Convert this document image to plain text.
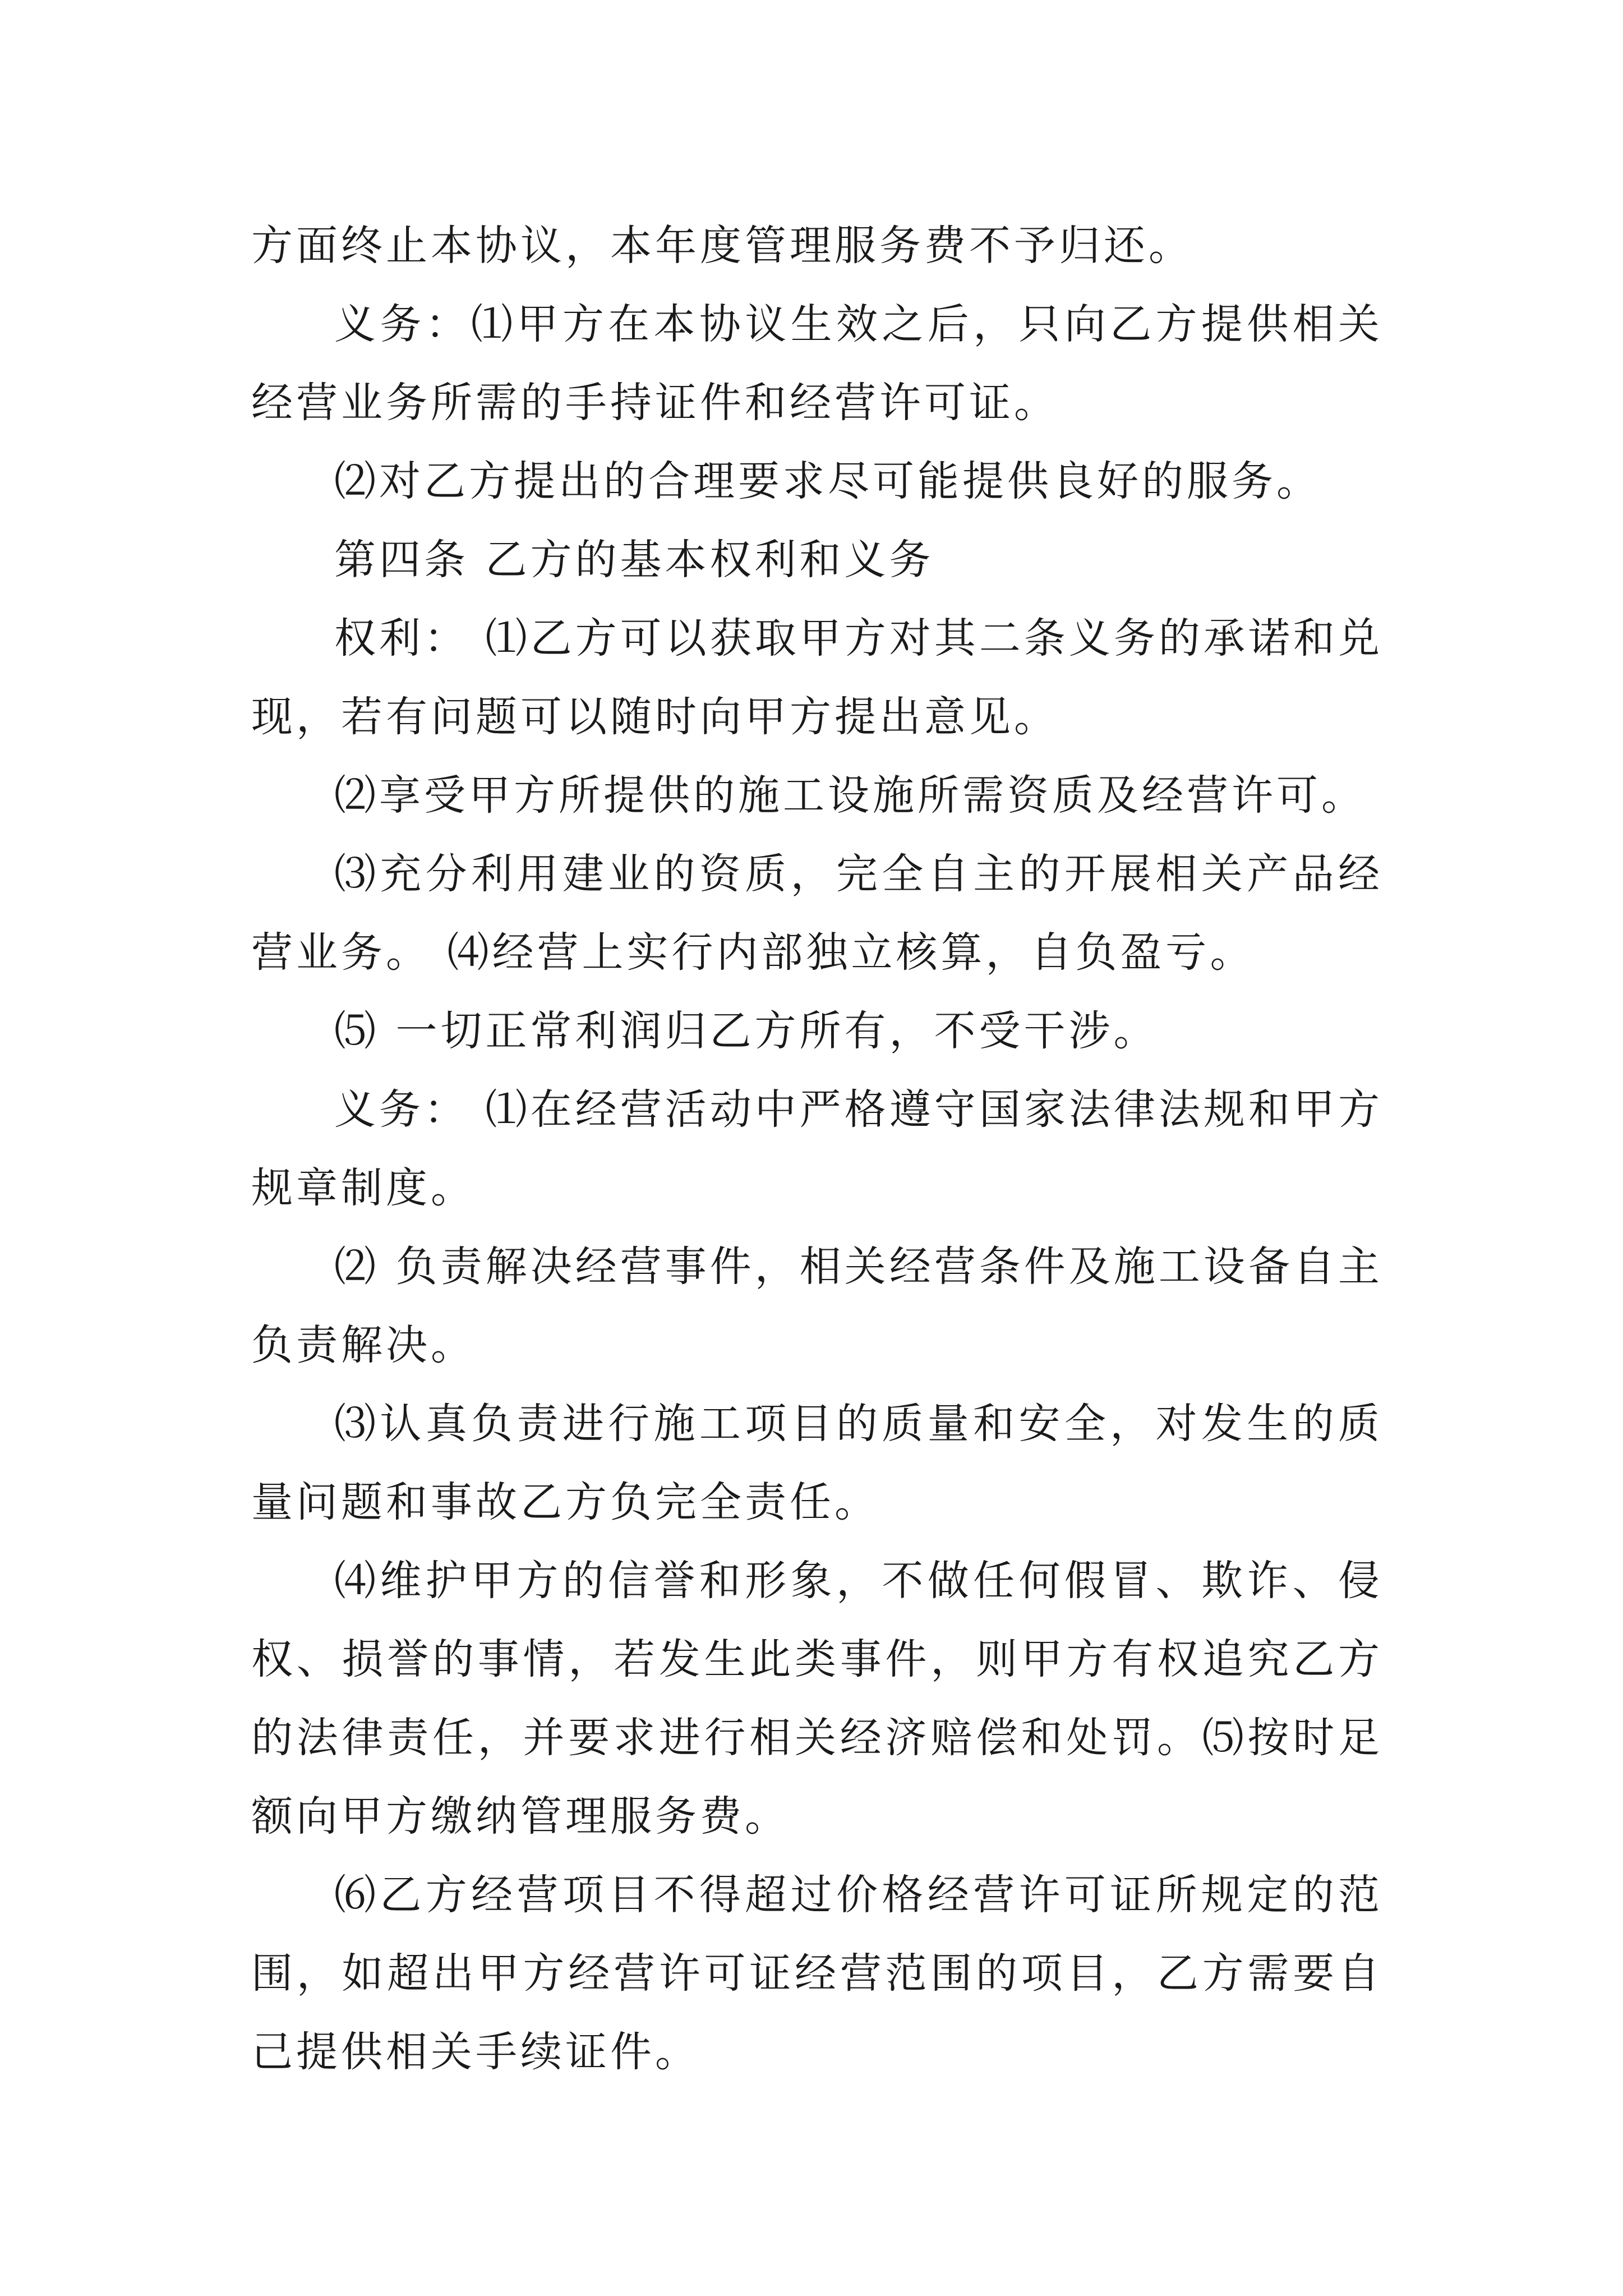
方面终止本协议，本年度管理服务费不予归还。

义务：⑴甲方在本协议生效之后，只向乙方提供相关经营业务所需的手持证件和经营许可证。

⑵对乙方提出的合理要求尽可能提供良好的服务。

第四条 乙方的基本权利和义务

权利： ⑴乙方可以获取甲方对其二条义务的承诺和兑现，若有问题可以随时向甲方提出意见。

⑵享受甲方所提供的施工设施所需资质及经营许可。

⑶充分利用建业的资质，完全自主的开展相关产品经营业务。 ⑷经营上实行内部独立核算，自负盈亏。

⑸ 一切正常利润归乙方所有，不受干涉。

义务： ⑴在经营活动中严格遵守国家法律法规和甲方规章制度。

⑵ 负责解决经营事件，相关经营条件及施工设备自主负责解决。

⑶认真负责进行施工项目的质量和安全，对发生的质量问题和事故乙方负完全责任。

⑷维护甲方的信誉和形象，不做任何假冒、欺诈、侵权、损誉的事情，若发生此类事件，则甲方有权追究乙方的法律责任，并要求进行相关经济赔偿和处罚。⑸按时足额向甲方缴纳管理服务费。

⑹乙方经营项目不得超过价格经营许可证所规定的范围，如超出甲方经营许可证经营范围的项目，乙方需要自己提供相关手续证件。
